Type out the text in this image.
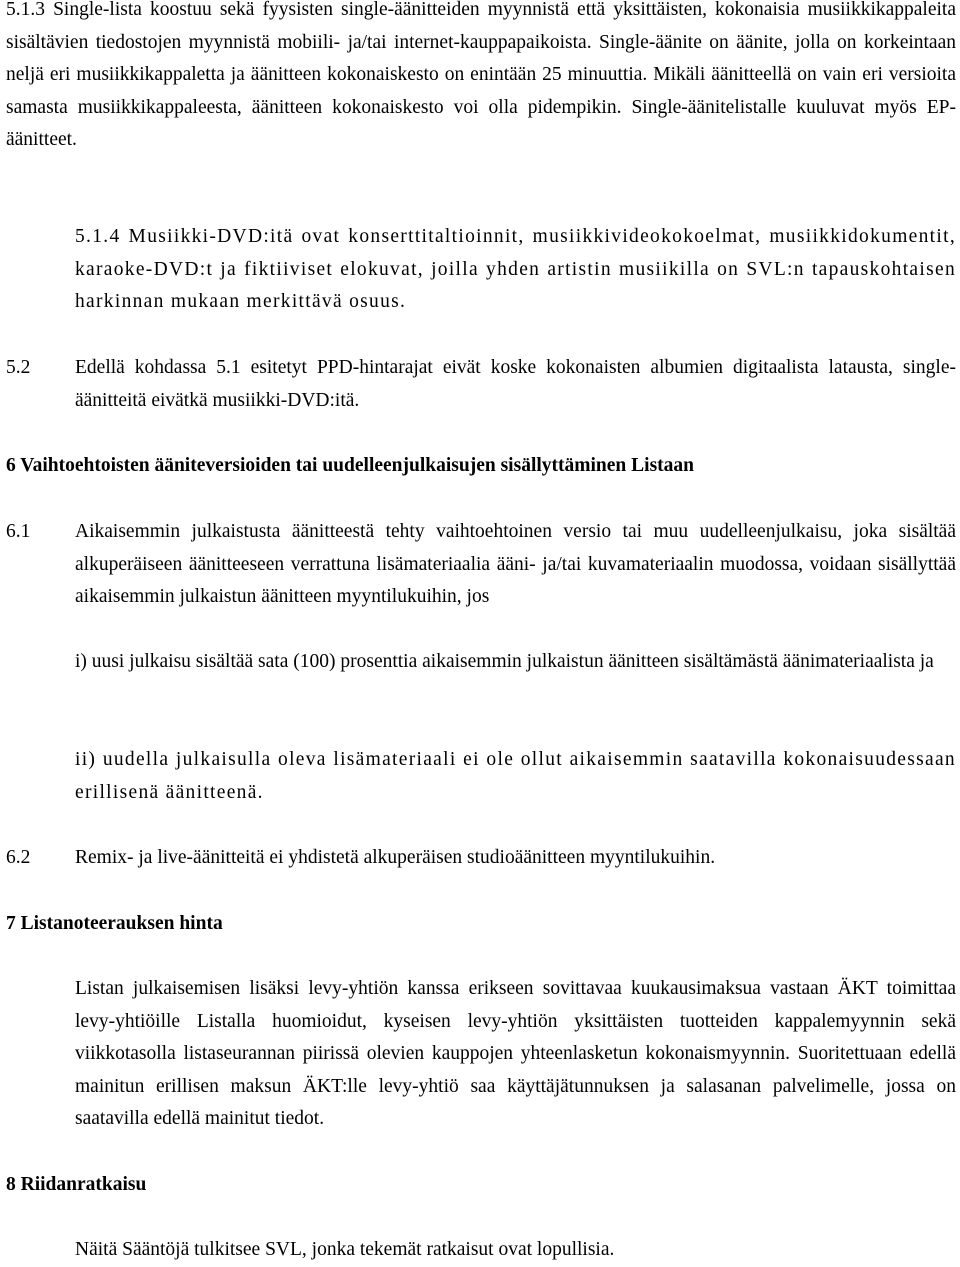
5.1.3 Single-lista koostuu sekä fyysisten single-äänitteiden myynnistä että yksittäisten, kokonaisia musiikkikappaleita sisältävien tiedostojen myynnistä mobiili- ja/tai internet-kauppapaikoista. Single-äänite on äänite, jolla on korkeintaan neljä eri musiikkikappaletta ja äänitteen kokonaiskesto on enintään 25 minuuttia. Mikäli äänitteellä on vain eri versioita samasta musiikkikappaleesta, äänitteen kokonaiskesto voi olla pidempikin. Single-äänitelistalle kuuluvat myös EP-äänitteet.

5.1.4 Musiikki-DVD:itä ovat konserttitaltioinnit, musiikkivideokokoelmat, musiikkidokumentit, karaoke-DVD:t ja fiktiiviset elokuvat, joilla yhden artistin musiikilla on SVL:n tapauskohtaisen harkinnan mukaan merkittävä osuus.

5.2 Edellä kohdassa 5.1 esitetyt PPD-hintarajat eivät koske kokonaisten albumien digitaalista latausta, single-äänitteitä eivätkä musiikki-DVD:itä.

6 Vaihtoehtoisten ääniteversioiden tai uudelleenjulkaisujen sisällyttäminen Listaan
6.1 Aikaisemmin julkaistusta äänitteestä tehty vaihtoehtoinen versio tai muu uudelleenjulkaisu, joka sisältää alkuperäiseen äänitteeseen verrattuna lisämateriaalia ääni- ja/tai kuvamateriaalin muodossa, voidaan sisällyttää aikaisemmin julkaistun äänitteen myyntilukuihin, jos

i) uusi julkaisu sisältää sata (100) prosenttia aikaisemmin julkaistun äänitteen sisältämästä äänimateriaalista ja

ii) uudella julkaisulla oleva lisämateriaali ei ole ollut aikaisemmin saatavilla kokonaisuudessaan erillisenä äänitteenä.

6.2 Remix- ja live-äänitteitä ei yhdistetä alkuperäisen studioäänitteen myyntilukuihin.

7 Listanoteerauksen hinta

Listan julkaisemisen lisäksi levy-yhtiön kanssa erikseen sovittavaa kuukausimaksua vastaan ÄKT toimittaa levy-yhtiöille Listalla huomioidut, kyseisen levy-yhtiön yksittäisten tuotteiden kappalemyynnin sekä viikkotasolla listaseurannan piirissä olevien kauppojen yhteenlasketun kokonaismyynnin. Suoritettuaan edellä mainitun erillisen maksun ÄKT:lle levy-yhtiö saa käyttäjätunnuksen ja salasanan palvelimelle, jossa on saatavilla edellä mainitut tiedot.

8 Riidanratkaisu

Näitä Sääntöjä tulkitsee SVL, jonka tekemät ratkaisut ovat lopullisia.
